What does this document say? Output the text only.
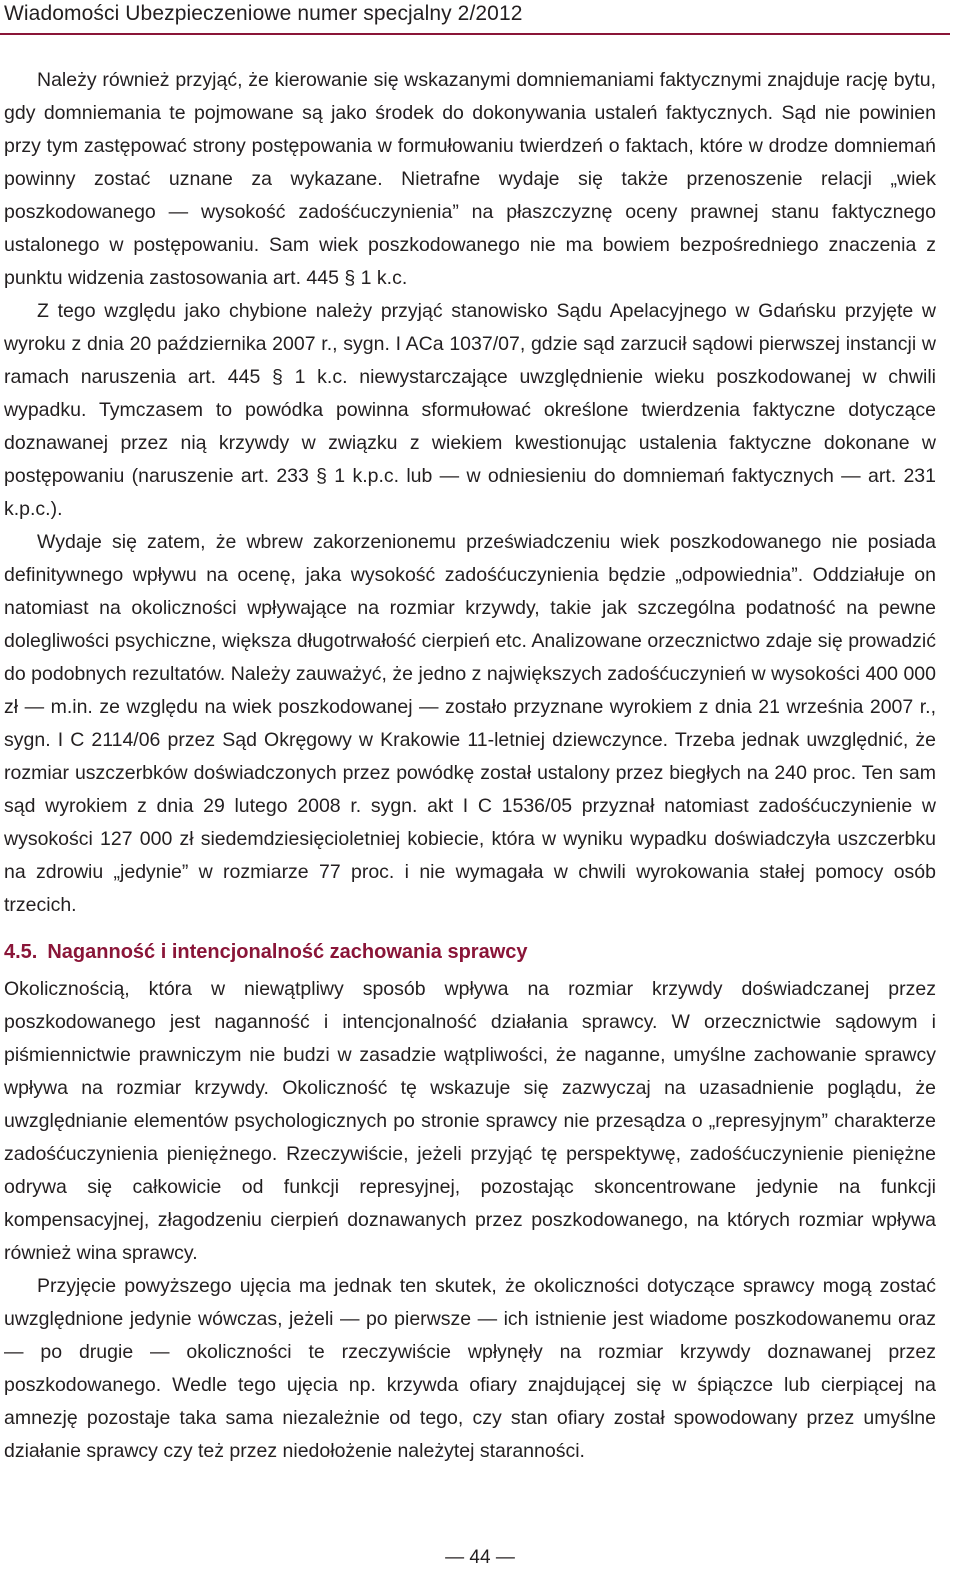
Wiadomości Ubezpieczeniowe numer specjalny 2/2012

Należy również przyjąć, że kierowanie się wskazanymi domniemaniami faktycznymi znajduje rację bytu, gdy domniemania te pojmowane są jako środek do dokonywania ustaleń faktycznych. Sąd nie powinien przy tym zastępować strony postępowania w formułowaniu twierdzeń o faktach, które w drodze domniemań powinny zostać uznane za wykazane. Nietrafne wydaje się także przenoszenie relacji „wiek poszkodowanego — wysokość zadośćuczynienia” na płaszczyznę oceny prawnej stanu faktycznego ustalonego w postępowaniu. Sam wiek poszkodowanego nie ma bowiem bezpośredniego znaczenia z punktu widzenia zastosowania art. 445 § 1 k.c.

Z tego względu jako chybione należy przyjąć stanowisko Sądu Apelacyjnego w Gdańsku przyjęte w wyroku z dnia 20 października 2007 r., sygn. I ACa 1037/07, gdzie sąd zarzucił sądowi pierwszej instancji w ramach naruszenia art. 445 § 1 k.c. niewystarczające uwzględnienie wieku poszkodowanej w chwili wypadku. Tymczasem to powódka powinna sformułować określone twierdzenia faktyczne dotyczące doznawanej przez nią krzywdy w związku z wiekiem kwestionując ustalenia faktyczne dokonane w postępowaniu (naruszenie art. 233 § 1 k.p.c. lub — w odniesieniu do domniemań faktycznych — art. 231 k.p.c.).

Wydaje się zatem, że wbrew zakorzenionemu przeświadczeniu wiek poszkodowanego nie posiada definitywnego wpływu na ocenę, jaka wysokość zadośćuczynienia będzie „odpowiednia”. Oddziałuje on natomiast na okoliczności wpływające na rozmiar krzywdy, takie jak szczególna podatność na pewne dolegliwości psychiczne, większa długotrwałość cierpień etc. Analizowane orzecznictwo zdaje się prowadzić do podobnych rezultatów. Należy zauważyć, że jedno z największych zadośćuczynień w wysokości 400 000 zł — m.in. ze względu na wiek poszkodowanej — zostało przyznane wyrokiem z dnia 21 września 2007 r., sygn. I C 2114/06 przez Sąd Okręgowy w Krakowie 11-letniej dziewczynce. Trzeba jednak uwzględnić, że rozmiar uszczerbków doświadczonych przez powódkę został ustalony przez biegłych na 240 proc. Ten sam sąd wyrokiem z dnia 29 lutego 2008 r. sygn. akt I C 1536/05 przyznał natomiast zadośćuczynienie w wysokości 127 000 zł siedemdziesięcioletniej kobiecie, która w wyniku wypadku doświadczyła uszczerbku na zdrowiu „jedynie” w rozmiarze 77 proc. i nie wymagała w chwili wyrokowania stałej pomocy osób trzecich.

4.5. Naganność i intencjonalność zachowania sprawcy

Okolicznością, która w niewątpliwy sposób wpływa na rozmiar krzywdy doświadczanej przez poszkodowanego jest naganność i intencjonalność działania sprawcy. W orzecznictwie sądowym i piśmiennictwie prawniczym nie budzi w zasadzie wątpliwości, że naganne, umyślne zachowanie sprawcy wpływa na rozmiar krzywdy. Okoliczność tę wskazuje się zazwyczaj na uzasadnienie poglądu, że uwzględnianie elementów psychologicznych po stronie sprawcy nie przesądza o „represyjnym” charakterze zadośćuczynienia pieniężnego. Rzeczywiście, jeżeli przyjąć tę perspektywę, zadośćuczynienie pieniężne odrywa się całkowicie od funkcji represyjnej, pozostając skoncentrowane jedynie na funkcji kompensacyjnej, złagodzeniu cierpień doznawanych przez poszkodowanego, na których rozmiar wpływa również wina sprawcy.

Przyjęcie powyższego ujęcia ma jednak ten skutek, że okoliczności dotyczące sprawcy mogą zostać uwzględnione jedynie wówczas, jeżeli — po pierwsze — ich istnienie jest wiadome poszkodowanemu oraz — po drugie — okoliczności te rzeczywiście wpłynęły na rozmiar krzywdy doznawanej przez poszkodowanego. Wedle tego ujęcia np. krzywda ofiary znajdującej się w śpiączce lub cierpiącej na amnezję pozostaje taka sama niezależnie od tego, czy stan ofiary został spowodowany przez umyślne działanie sprawcy czy też przez niedołożenie należytej staranności.

— 44 —
